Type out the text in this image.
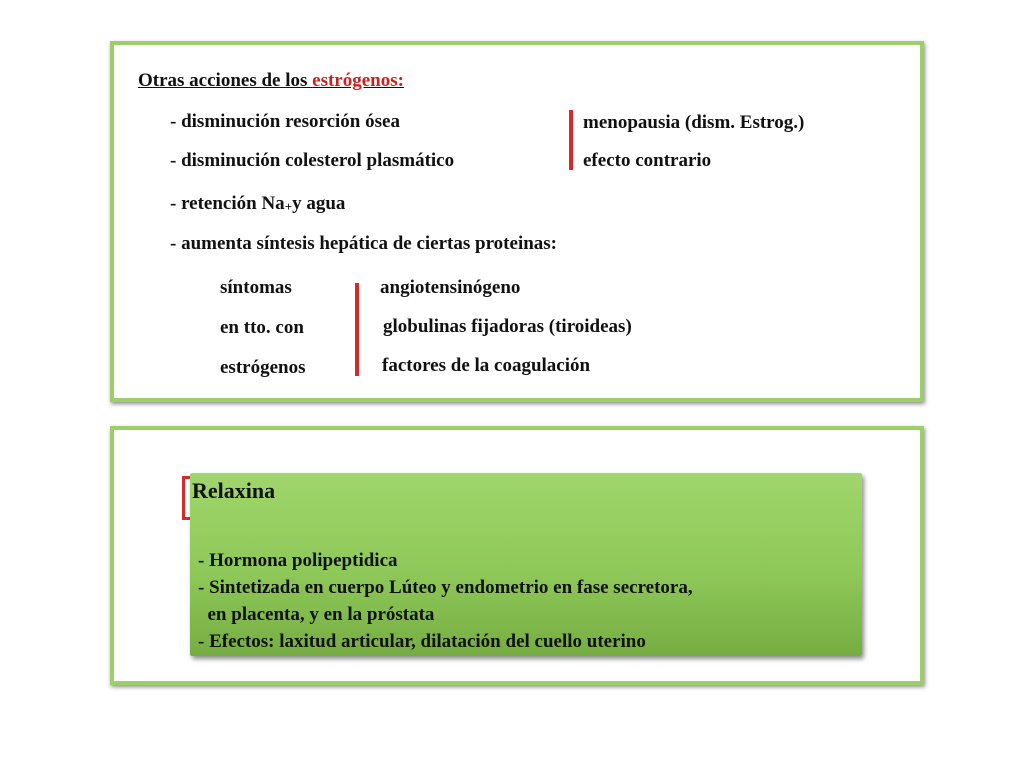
Otras acciones de los estrógenos:
- disminución resorción ósea
- disminución colesterol plasmático
- retención Na+y agua
- aumenta síntesis hepática de ciertas proteinas:
menopausia (dism. Estrog.)
efecto contrario
síntomas
en tto. con
estrógenos
angiotensinógeno
globulinas fijadoras (tiroideas)
factores de la coagulación
Relaxina
- Hormona polipeptidica
- Sintetizada en cuerpo Lúteo y endometrio en fase secretora,
en placenta, y en la próstata
- Efectos: laxitud articular, dilatación del cuello uterino
